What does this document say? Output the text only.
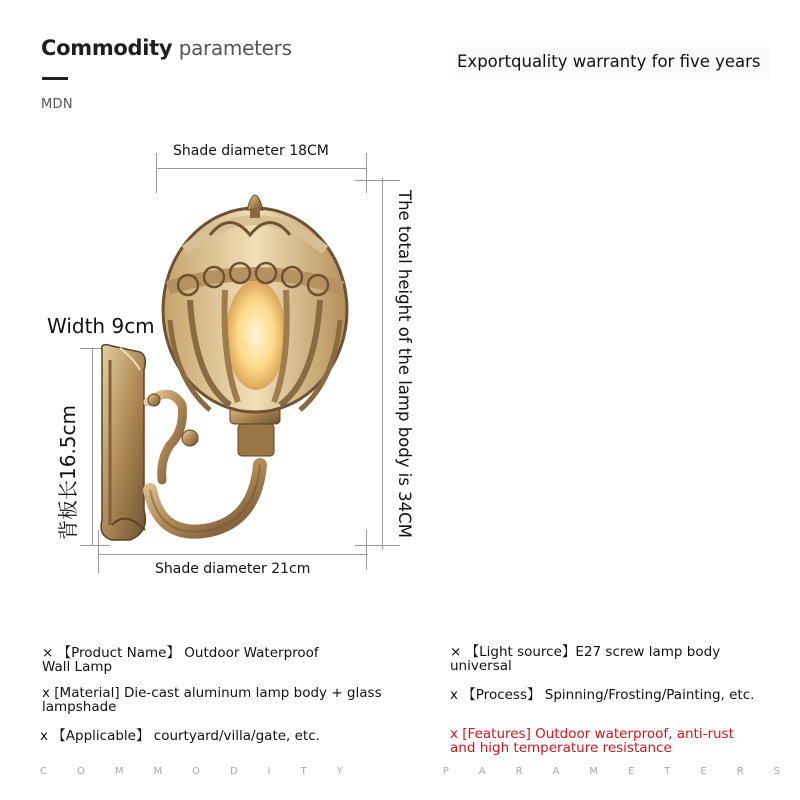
Commodity parameters
MDN
Exportquality warranty for five years
Shade diameter 18CM
Shade diameter 21cm
Width 9cm
背板长16.5cm	The total height of the lamp body is 34CM
× 【Product Name】 Outdoor Waterproof
Wall Lamp
x [Material] Die-cast aluminum lamp body + glass
lampshade
x 【Applicable】 courtyard/villa/gate, etc.
× 【Light source】E27 screw lamp body
universal
x 【Process】 Spinning/Frosting/Painting, etc.
x [Features] Outdoor waterproof, anti-rust
and high temperature resistance
C	O	M	M	O	D	I	T	Y	P	A	R	A	M	E	T	E	R	S
